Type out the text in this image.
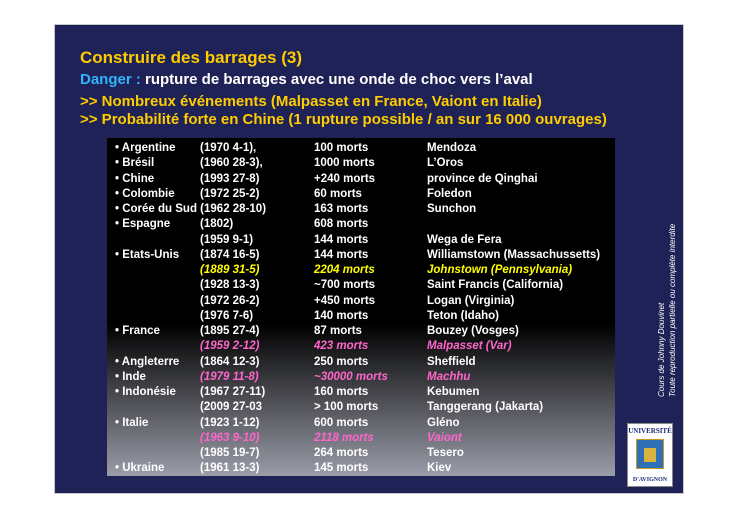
Construire des barrages (3)
Danger : rupture de barrages avec une onde de choc vers l’aval
>> Nombreux événements (Malpasset en France, Vaiont en Italie)
>> Probabilité forte en Chine (1 rupture possible / an sur 16 000 ouvrages)
• Argentine (1970 4-1),	100 morts	Mendoza
• Brésil	(1960 28-3),	1000 morts	L’Oros
• Chine	(1993 27-8)	+240 morts	province de Qinghai
• Colombie (1972 25-2)	60 morts	Foledon
• Corée du Sud (1962 28-10)	163 morts	Sunchon
• Espagne	(1802)	608 morts
(1959 9-1)	144 morts	Wega de Fera
• Etats-Unis (1874 16-5)	144 morts	Williamstown (Massachussetts)
(1889 31-5)	2204 morts	Johnstown (Pennsylvania)
(1928 13-3)	~700 morts	Saint Francis (California)
(1972 26-2)	+450 morts	Logan (Virginia)
(1976 7-6)	140 morts	Teton (Idaho)
• France	(1895 27-4)	87 morts	Bouzey (Vosges)
(1959 2-12)	423 morts	Malpasset (Var)
• Angleterre (1864 12-3)	250 morts	Sheffield
• Inde	(1979 11-8)	~30000 morts	Machhu
• Indonésie (1967 27-11)	160 morts	Kebumen
(2009 27-03	> 100 morts	Tanggerang (Jakarta)
• Italie	(1923 1-12)	600 morts	Gléno
(1963 9-10)	2118 morts	Vaiont
(1985 19-7)	264 morts	Tesero
• Ukraine	(1961 13-3)	145 morts	Kiev
Cours de Johnny Douvinet Toute reproduction partielle ou complète interdite
UNIVERSITÉ
D'AVIGNON
